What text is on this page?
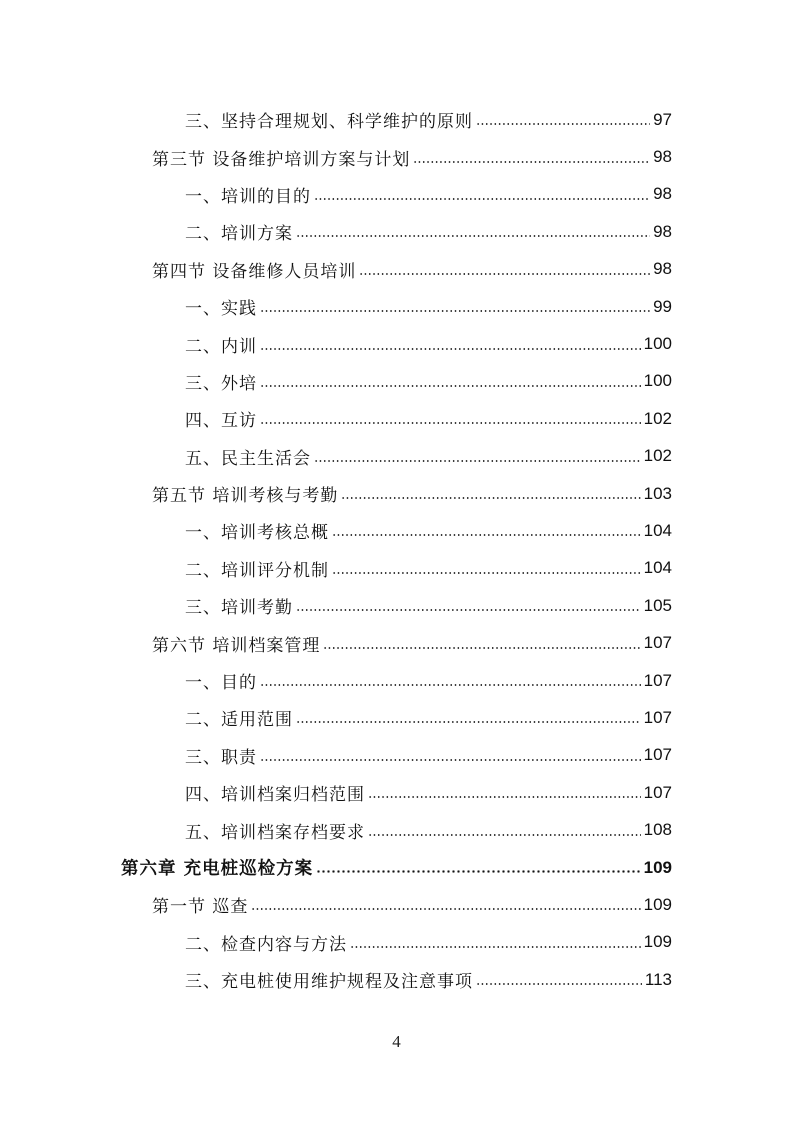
三、坚持合理规划、科学维护的原则	97
第三节 设备维护培训方案与计划	98
一、培训的目的	98
二、培训方案	98
第四节 设备维修人员培训	98
一、实践	99
二、内训	100
三、外培	100
四、互访	102
五、民主生活会	102
第五节 培训考核与考勤	103
一、培训考核总概	104
二、培训评分机制	104
三、培训考勤	105
第六节 培训档案管理	107
一、目的	107
二、适用范围	107
三、职责	107
四、培训档案归档范围	107
五、培训档案存档要求	108
第六章 充电桩巡检方案	109
第一节 巡查	109
二、检查内容与方法	109
三、充电桩使用维护规程及注意事项	113
4
